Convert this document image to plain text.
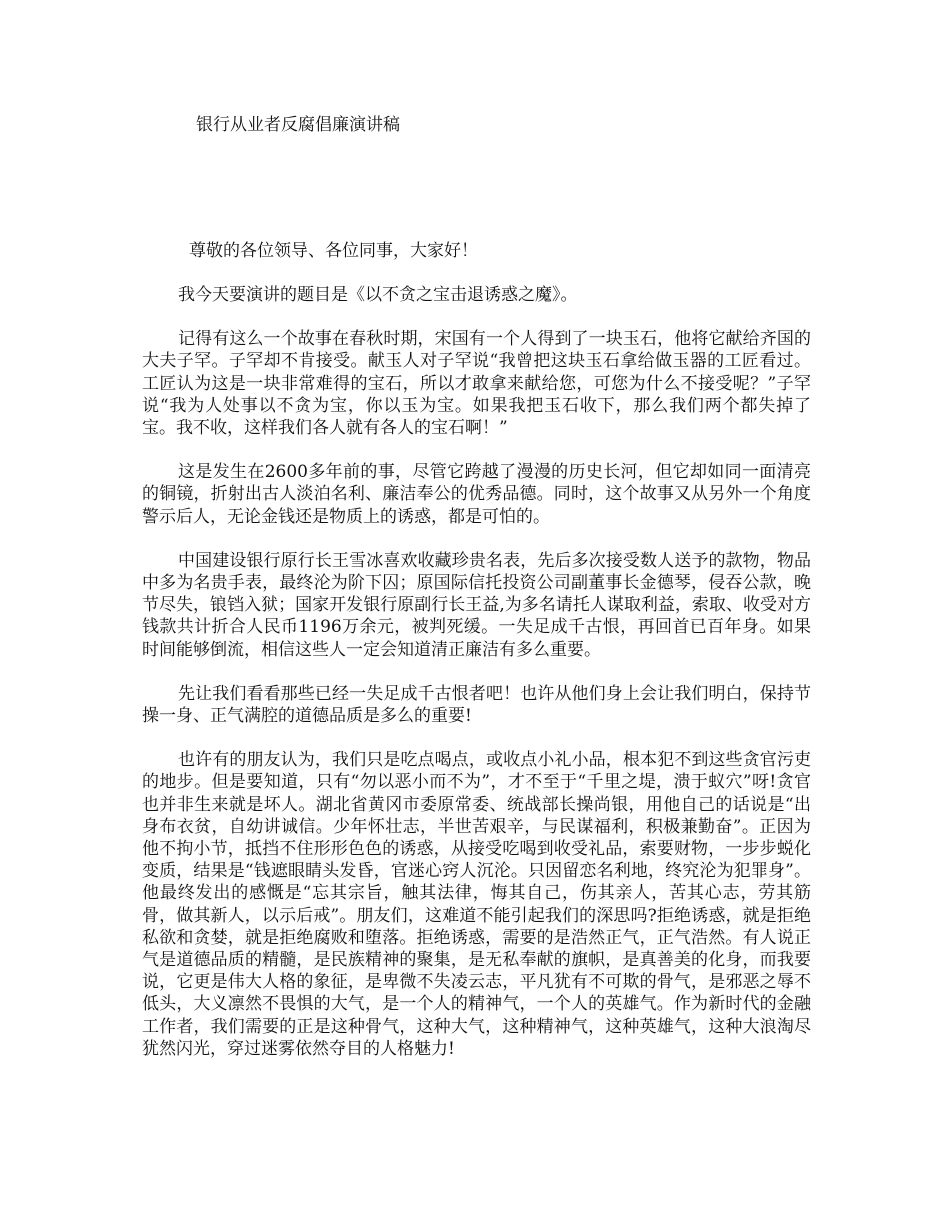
银行从业者反腐倡廉演讲稿

尊敬的各位领导、各位同事，大家好！

我今天要演讲的题目是《以不贪之宝击退诱惑之魔》。

记得有这么一个故事在春秋时期，宋国有一个人得到了一块玉石，他将它献给齐国的大夫子罕。子罕却不肯接受。献玉人对子罕说“我曾把这块玉石拿给做玉器的工匠看过。工匠认为这是一块非常难得的宝石，所以才敢拿来献给您，可您为什么不接受呢？”子罕说“我为人处事以不贪为宝，你以玉为宝。如果我把玉石收下，那么我们两个都失掉了宝。我不收，这样我们各人就有各人的宝石啊！”

这是发生在2600多年前的事，尽管它跨越了漫漫的历史长河，但它却如同一面清亮的铜镜，折射出古人淡泊名利、廉洁奉公的优秀品德。同时，这个故事又从另外一个角度警示后人，无论金钱还是物质上的诱惑，都是可怕的。

中国建设银行原行长王雪冰喜欢收藏珍贵名表，先后多次接受数人送予的款物，物品中多为名贵手表，最终沦为阶下囚；原国际信托投资公司副董事长金德琴，侵吞公款，晚节尽失，锒铛入狱；国家开发银行原副行长王益,为多名请托人谋取利益，索取、收受对方钱款共计折合人民币1196万余元，被判死缓。一失足成千古恨，再回首已百年身。如果时间能够倒流，相信这些人一定会知道清正廉洁有多么重要。

先让我们看看那些已经一失足成千古恨者吧！也许从他们身上会让我们明白，保持节操一身、正气满腔的道德品质是多么的重要!

也许有的朋友认为，我们只是吃点喝点，或收点小礼小品，根本犯不到这些贪官污吏的地步。但是要知道，只有“勿以恶小而不为”，才不至于“千里之堤，溃于蚁穴”呀!贪官也并非生来就是坏人。湖北省黄冈市委原常委、统战部长操尚银，用他自己的话说是“出身布衣贫，自幼讲诚信。少年怀壮志，半世苦艰辛，与民谋福利，积极兼勤奋”。正因为他不拘小节，抵挡不住形形色色的诱惑，从接受吃喝到收受礼品，索要财物，一步步蜕化变质，结果是“钱遮眼睛头发昏，官迷心窍人沉沦。只因留恋名利地，终究沦为犯罪身”。他最终发出的感慨是“忘其宗旨，触其法律，悔其自己，伤其亲人，苦其心志，劳其筋骨，做其新人，以示后戒”。朋友们，这难道不能引起我们的深思吗?拒绝诱惑，就是拒绝私欲和贪婪，就是拒绝腐败和堕落。拒绝诱惑，需要的是浩然正气，正气浩然。有人说正气是道德品质的精髓，是民族精神的聚集，是无私奉献的旗帜，是真善美的化身，而我要说，它更是伟大人格的象征，是卑微不失凌云志，平凡犹有不可欺的骨气，是邪恶之辱不低头，大义凛然不畏惧的大气，是一个人的精神气，一个人的英雄气。作为新时代的金融工作者，我们需要的正是这种骨气，这种大气，这种精神气，这种英雄气，这种大浪淘尽犹然闪光，穿过迷雾依然夺目的人格魅力!
